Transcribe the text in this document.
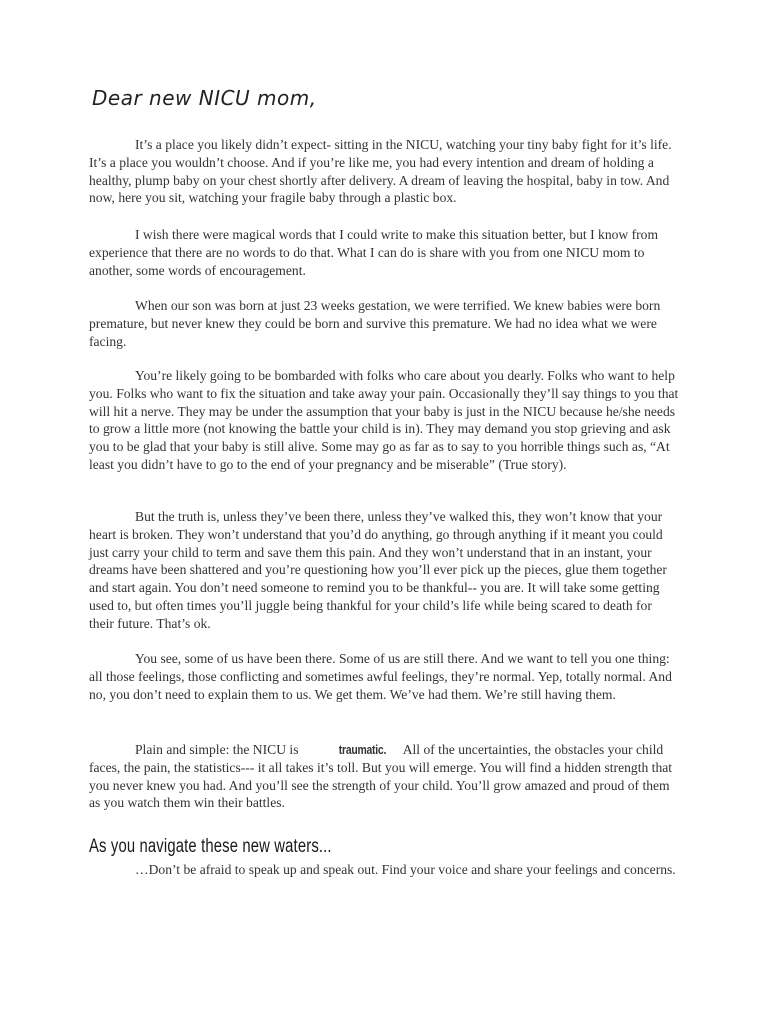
Dear new NICU mom,

It’s a place you likely didn’t expect- sitting in the NICU, watching your tiny baby fight for it’s life. It’s a place you wouldn’t choose. And if you’re like me, you had every intention and dream of holding a healthy, plump baby on your chest shortly after delivery. A dream of leaving the hospital, baby in tow. And now, here you sit, watching your fragile baby through a plastic box.

I wish there were magical words that I could write to make this situation better, but I know from experience that there are no words to do that. What I can do is share with you from one NICU mom to another, some words of encouragement.

When our son was born at just 23 weeks gestation, we were terrified. We knew babies were born premature, but never knew they could be born and survive this premature. We had no idea what we were facing.

You’re likely going to be bombarded with folks who care about you dearly. Folks who want to help you. Folks who want to fix the situation and take away your pain. Occasionally they’ll say things to you that will hit a nerve. They may be under the assumption that your baby is just in the NICU because he/she needs to grow a little more (not knowing the battle your child is in). They may demand you stop grieving and ask you to be glad that your baby is still alive. Some may go as far as to say to you horrible things such as, “At least you didn’t have to go to the end of your pregnancy and be miserable” (True story).

But the truth is, unless they’ve been there, unless they’ve walked this, they won’t know that your heart is broken. They won’t understand that you’d do anything, go through anything if it meant you could just carry your child to term and save them this pain. And they won’t understand that in an instant, your dreams have been shattered and you’re questioning how you’ll ever pick up the pieces, glue them together and start again. You don’t need someone to remind you to be thankful-- you are. It will take some getting used to, but often times you’ll juggle being thankful for your child’s life while being scared to death for their future. That’s ok.

You see, some of us have been there. Some of us are still there. And we want to tell you one thing: all those feelings, those conflicting and sometimes awful feelings, they’re normal. Yep, totally normal. And no, you don’t need to explain them to us. We get them. We’ve had them. We’re still having them.

Plain and simple: the NICU is	traumatic. All of the uncertainties, the obstacles your child faces, the pain, the statistics--- it all takes it’s toll. But you will emerge. You will find a hidden strength that you never knew you had. And you’ll see the strength of your child. You’ll grow amazed and proud of them as you watch them win their battles.

As you navigate these new waters...

…Don’t be afraid to speak up and speak out. Find your voice and share your feelings and concerns.
